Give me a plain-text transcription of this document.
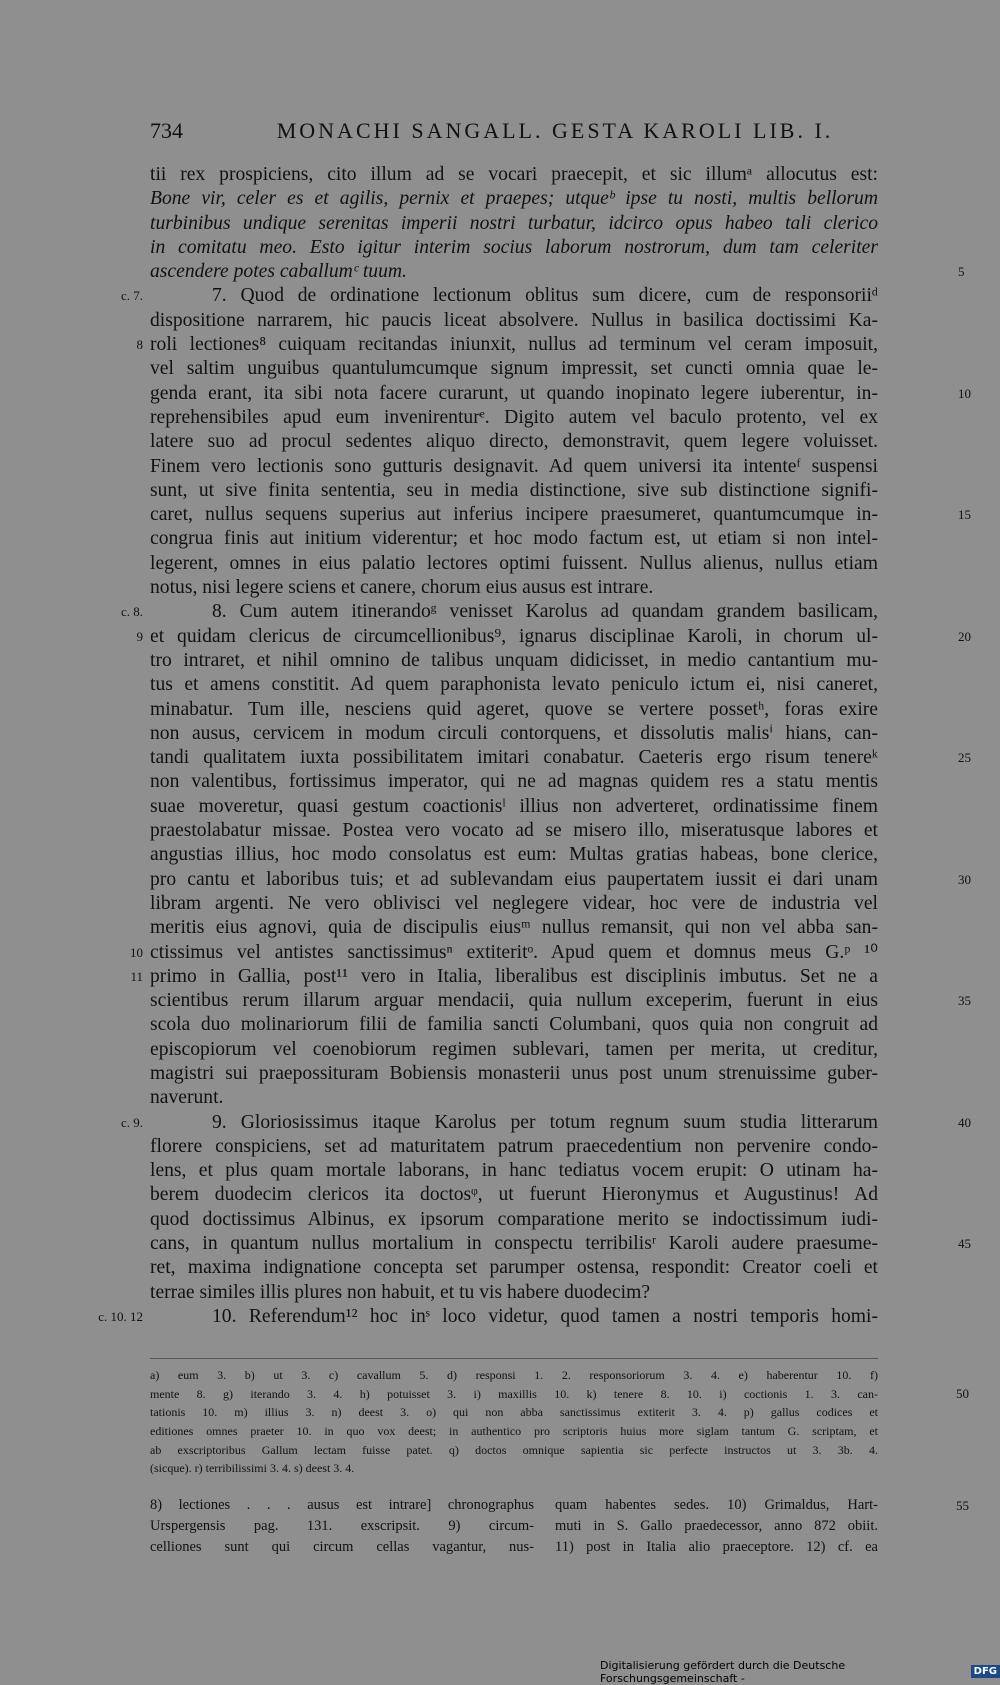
734	MONACHI SANGALL. GESTA KAROLI LIB. I.
tii rex prospiciens, cito illum ad se vocari praecepit, et sic illumᵃ allocutus est:
Bone vir, celer es et agilis, pernix et praepes; utqueᵇ ipse tu nosti, multis bellorum
turbinibus undique serenitas imperii nostri turbatur, idcirco opus habeo tali clerico
in comitatu meo. Esto igitur interim socius laborum nostrorum, dum tam celeriter
ascendere potes caballumᶜ tuum.	5
7. Quod de ordinatione lectionum oblitus sum dicere, cum de responsoriiᵈ
c. 7.
dispositione narrarem, hic paucis liceat absolvere. Nullus in basilica doctissimi Ka-
roli lectiones⁸ cuiquam recitandas iniunxit, nullus ad terminum vel ceram imposuit,
8
vel saltim unguibus quantulumcumque signum impressit, set cuncti omnia quae le-
genda erant, ita sibi nota facere curarunt, ut quando inopinato legere iuberentur, in-	10
reprehensibiles apud eum invenirenturᵉ. Digito autem vel baculo protento, vel ex
latere suo ad procul sedentes aliquo directo, demonstravit, quem legere voluisset.
Finem vero lectionis sono gutturis designavit. Ad quem universi ita intenteᶠ suspensi
sunt, ut sive finita sententia, seu in media distinctione, sive sub distinctione signifi-
caret, nullus sequens superius aut inferius incipere praesumeret, quantumcumque in-	15
congrua finis aut initium viderentur; et hoc modo factum est, ut etiam si non intel-
legerent, omnes in eius palatio lectores optimi fuissent. Nullus alienus, nullus etiam
notus, nisi legere sciens et canere, chorum eius ausus est intrare.
8. Cum autem itinerandoᵍ venisset Karolus ad quandam grandem basilicam,
c. 8.
et quidam clericus de circumcellionibus⁹, ignarus disciplinae Karoli, in chorum ul-
9	20
tro intraret, et nihil omnino de talibus unquam didicisset, in medio cantantium mu-
tus et amens constitit. Ad quem paraphonista levato peniculo ictum ei, nisi caneret,
minabatur. Tum ille, nesciens quid ageret, quove se vertere possetʰ, foras exire
non ausus, cervicem in modum circuli contorquens, et dissolutis malisⁱ hians, can-
tandi qualitatem iuxta possibilitatem imitari conabatur. Caeteris ergo risum tenereᵏ	25
non valentibus, fortissimus imperator, qui ne ad magnas quidem res a statu mentis
suae moveretur, quasi gestum coactionisˡ illius non adverteret, ordinatissime finem
praestolabatur missae. Postea vero vocato ad se misero illo, miseratusque labores et
angustias illius, hoc modo consolatus est eum: Multas gratias habeas, bone clerice,
pro cantu et laboribus tuis; et ad sublevandam eius paupertatem iussit ei dari unam	30
libram argenti. Ne vero oblivisci vel neglegere videar, hoc vere de industria vel
meritis eius agnovi, quia de discipulis eiusᵐ nullus remansit, qui non vel abba san-
ctissimus vel antistes sanctissimusⁿ extiteritᵒ. Apud quem et domnus meus G.ᵖ ¹⁰
10
primo in Gallia, post¹¹ vero in Italia, liberalibus est disciplinis imbutus. Set ne a
11
scientibus rerum illarum arguar mendacii, quia nullum exceperim, fuerunt in eius	35
scola duo molinariorum filii de familia sancti Columbani, quos quia non congruit ad
episcopiorum vel coenobiorum regimen sublevari, tamen per merita, ut creditur,
magistri sui praepossituram Bobiensis monasterii unus post unum strenuissime guber-
naverunt.
9. Gloriosissimus itaque Karolus per totum regnum suum studia litterarum
c. 9.	40
florere conspiciens, set ad maturitatem patrum praecedentium non pervenire condo-
lens, et plus quam mortale laborans, in hanc tediatus vocem erupit: O utinam ha-
berem duodecim clericos ita doctosᵠ, ut fuerunt Hieronymus et Augustinus! Ad
quod doctissimus Albinus, ex ipsorum comparatione merito se indoctissimum iudi-
cans, in quantum nullus mortalium in conspectu terribilisʳ Karoli audere praesume-	45
ret, maxima indignatione concepta set parumper ostensa, respondit: Creator coeli et
terrae similes illis plures non habuit, et tu vis habere duodecim?
10. Referendum¹² hoc inˢ loco videtur, quod tamen a nostri temporis homi-
c. 10. 12
a) eum 3. b) ut 3. c) cavallum 5. d) responsi 1. 2. responsoriorum 3. 4. e) haberentur 10. f)
mente 8. g) iterando 3. 4. h) potuisset 3. i) maxillis 10. k) tenere 8. 10. i) coctionis 1. 3. can-	50
tationis 10. m) illius 3. n) deest 3. o) qui non abba sanctissimus extiterit 3. 4. p) gallus codices et
editiones omnes praeter 10. in quo vox deest; in authentico pro scriptoris huius more siglam tantum G. scriptam, et
ab exscriptoribus Gallum lectam fuisse patet. q) doctos omnique sapientia sic perfecte instructos ut 3. 3b. 4.
(sicque). r) terribilissimi 3. 4. s) deest 3. 4.
8) lectiones . . . ausus est intrare] chronographus quam habentes sedes. 10) Grimaldus, Hart-	55
Urspergensis pag. 131. exscripsit. 9) circum- muti in S. Gallo praedecessor, anno 872 obiit.
celliones sunt qui circum cellas vagantur, nus- 11) post in Italia alio praeceptore. 12) cf. ea
Digitalisierung gefördert durch die Deutsche Forschungsgemeinschaft -	DFG
